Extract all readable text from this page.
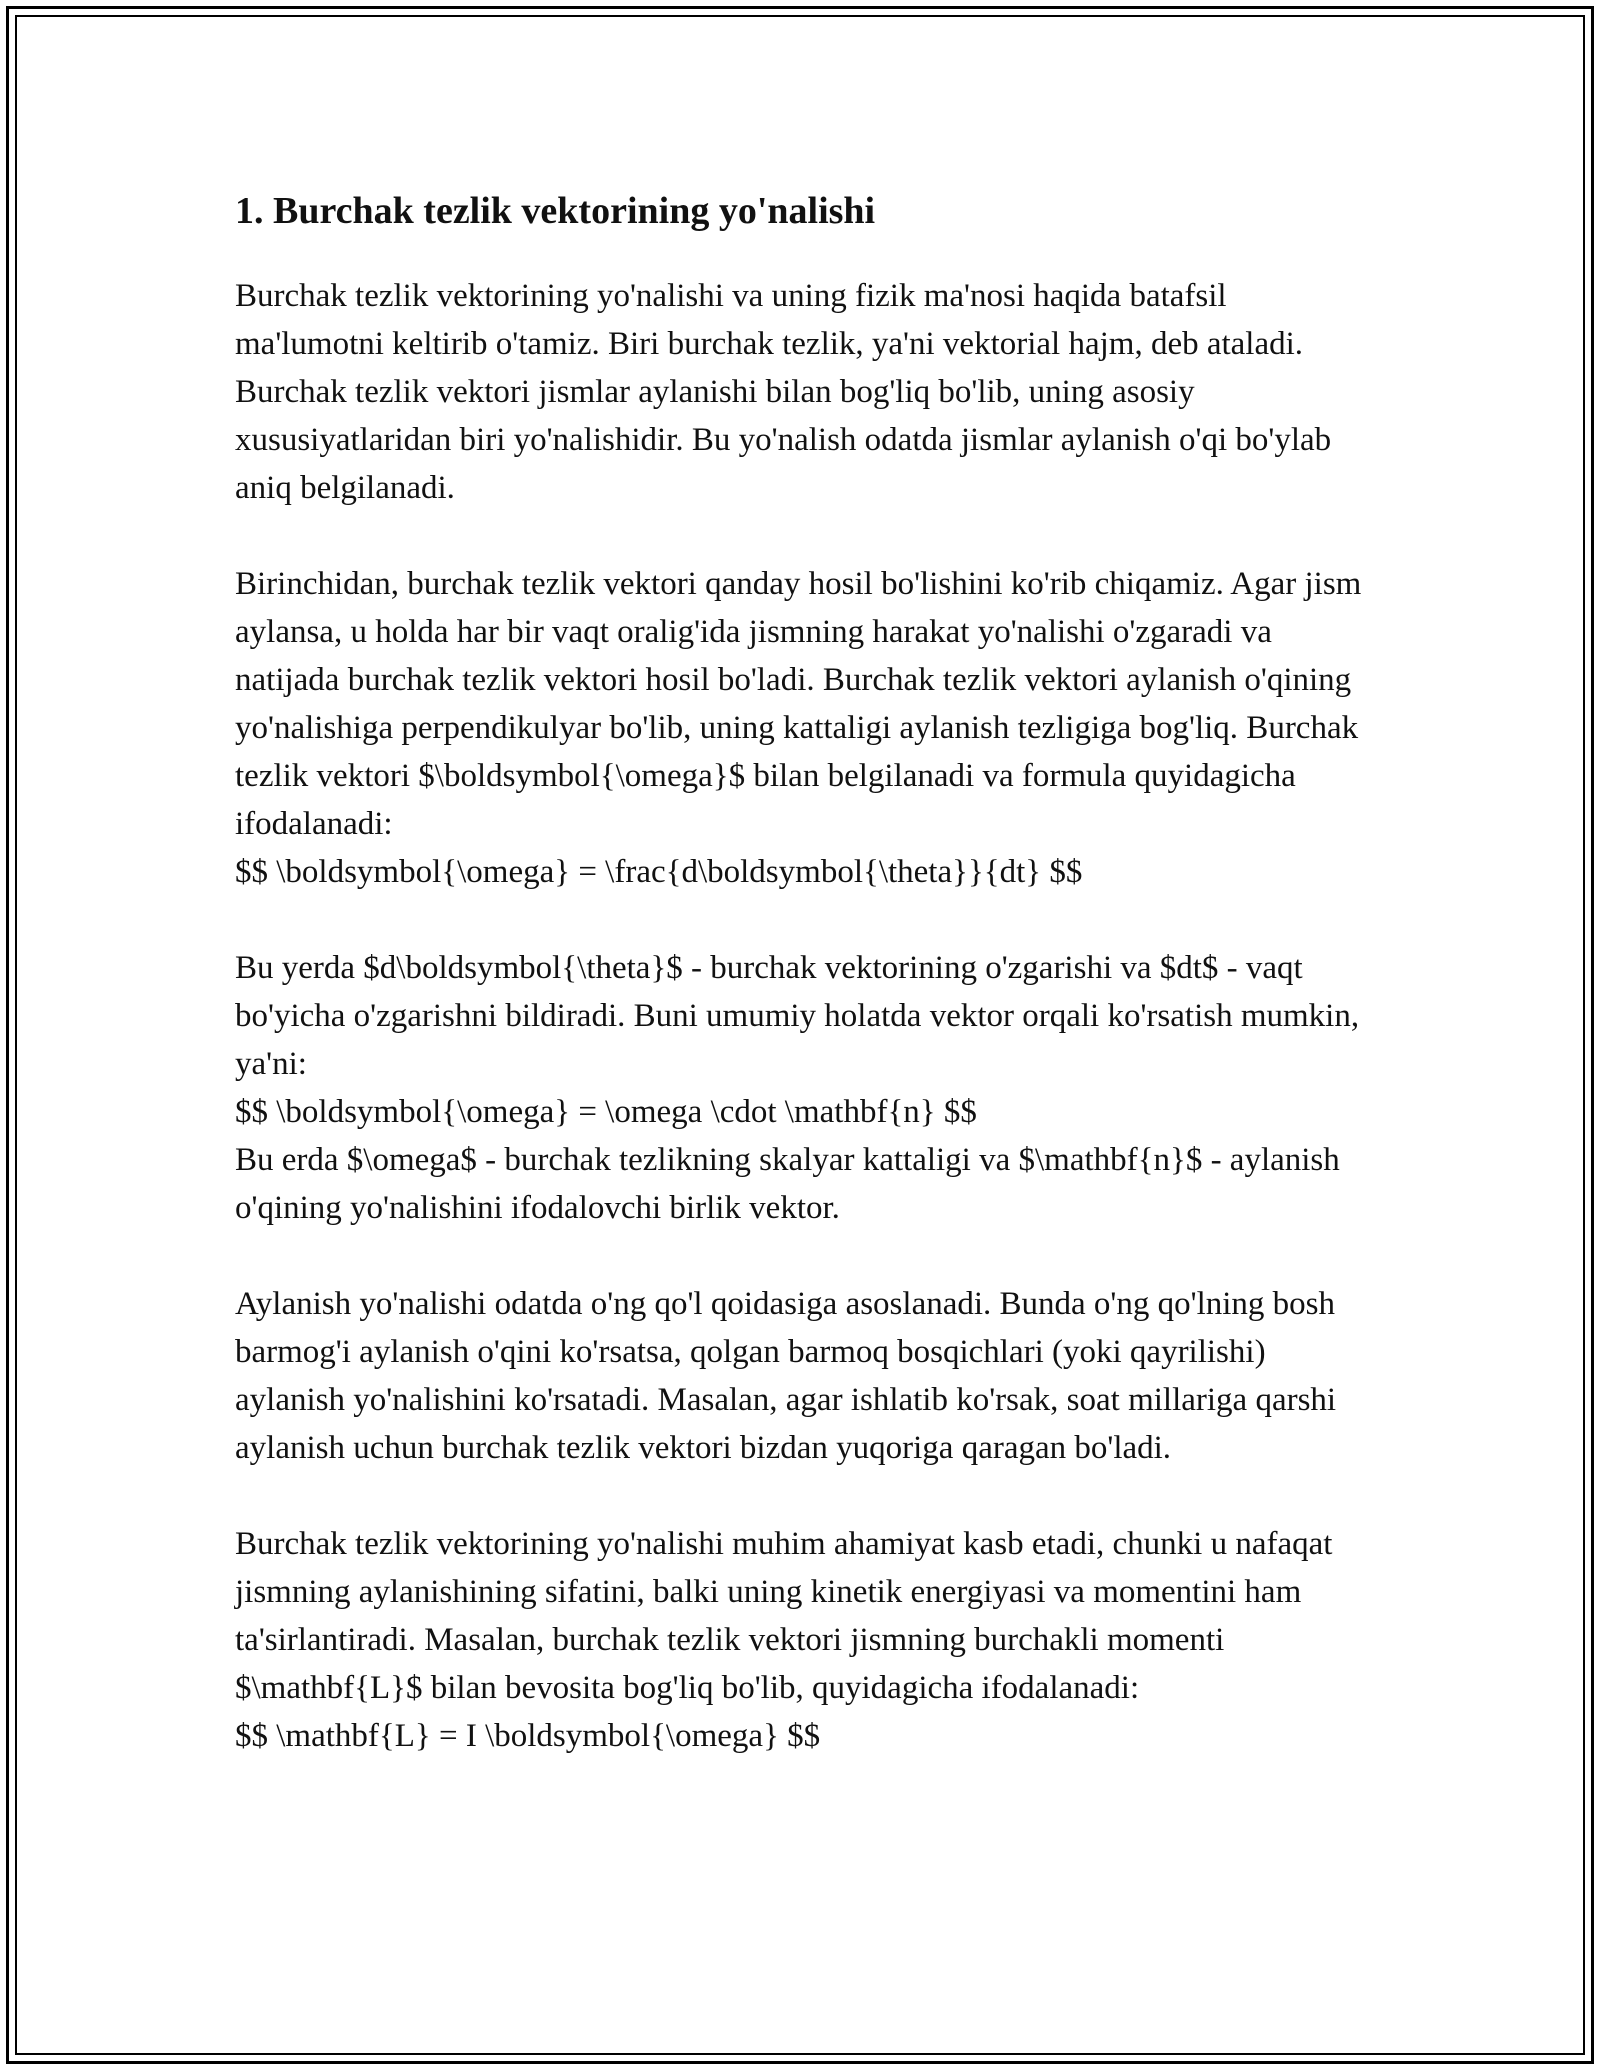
1. Burchak tezlik vektorining yo'nalishi

Burchak tezlik vektorining yo'nalishi va uning fizik ma'nosi haqida batafsil ma'lumotni keltirib o'tamiz. Biri burchak tezlik, ya'ni vektorial hajm, deb ataladi. Burchak tezlik vektori jismlar aylanishi bilan bog'liq bo'lib, uning asosiy xususiyatlaridan biri yo'nalishidir. Bu yo'nalish odatda jismlar aylanish o'qi bo'ylab aniq belgilanadi.

Birinchidan, burchak tezlik vektori qanday hosil bo'lishini ko'rib chiqamiz. Agar jism aylansa, u holda har bir vaqt oralig'ida jismning harakat yo'nalishi o'zgaradi va natijada burchak tezlik vektori hosil bo'ladi. Burchak tezlik vektori aylanish o'qining yo'nalishiga perpendikulyar bo'lib, uning kattaligi aylanish tezligiga bog'liq. Burchak tezlik vektori $\boldsymbol{\omega}$ bilan belgilanadi va formula quyidagicha ifodalanadi:
$$ \boldsymbol{\omega} = \frac{d\boldsymbol{\theta}}{dt} $$

Bu yerda $d\boldsymbol{\theta}$ - burchak vektorining o'zgarishi va $dt$ - vaqt bo'yicha o'zgarishni bildiradi. Buni umumiy holatda vektor orqali ko'rsatish mumkin, ya'ni:
$$ \boldsymbol{\omega} = \omega \cdot \mathbf{n} $$
Bu erda $\omega$ - burchak tezlikning skalyar kattaligi va $\mathbf{n}$ - aylanish o'qining yo'nalishini ifodalovchi birlik vektor.

Aylanish yo'nalishi odatda o'ng qo'l qoidasiga asoslanadi. Bunda o'ng qo'lning bosh barmog'i aylanish o'qini ko'rsatsa, qolgan barmoq bosqichlari (yoki qayrilishi) aylanish yo'nalishini ko'rsatadi. Masalan, agar ishlatib ko'rsak, soat millariga qarshi aylanish uchun burchak tezlik vektori bizdan yuqoriga qaragan bo'ladi.

Burchak tezlik vektorining yo'nalishi muhim ahamiyat kasb etadi, chunki u nafaqat jismning aylanishining sifatini, balki uning kinetik energiyasi va momentini ham ta'sirlantiradi. Masalan, burchak tezlik vektori jismning burchakli momenti $\mathbf{L}$ bilan bevosita bog'liq bo'lib, quyidagicha ifodalanadi:
$$ \mathbf{L} = I \boldsymbol{\omega} $$
